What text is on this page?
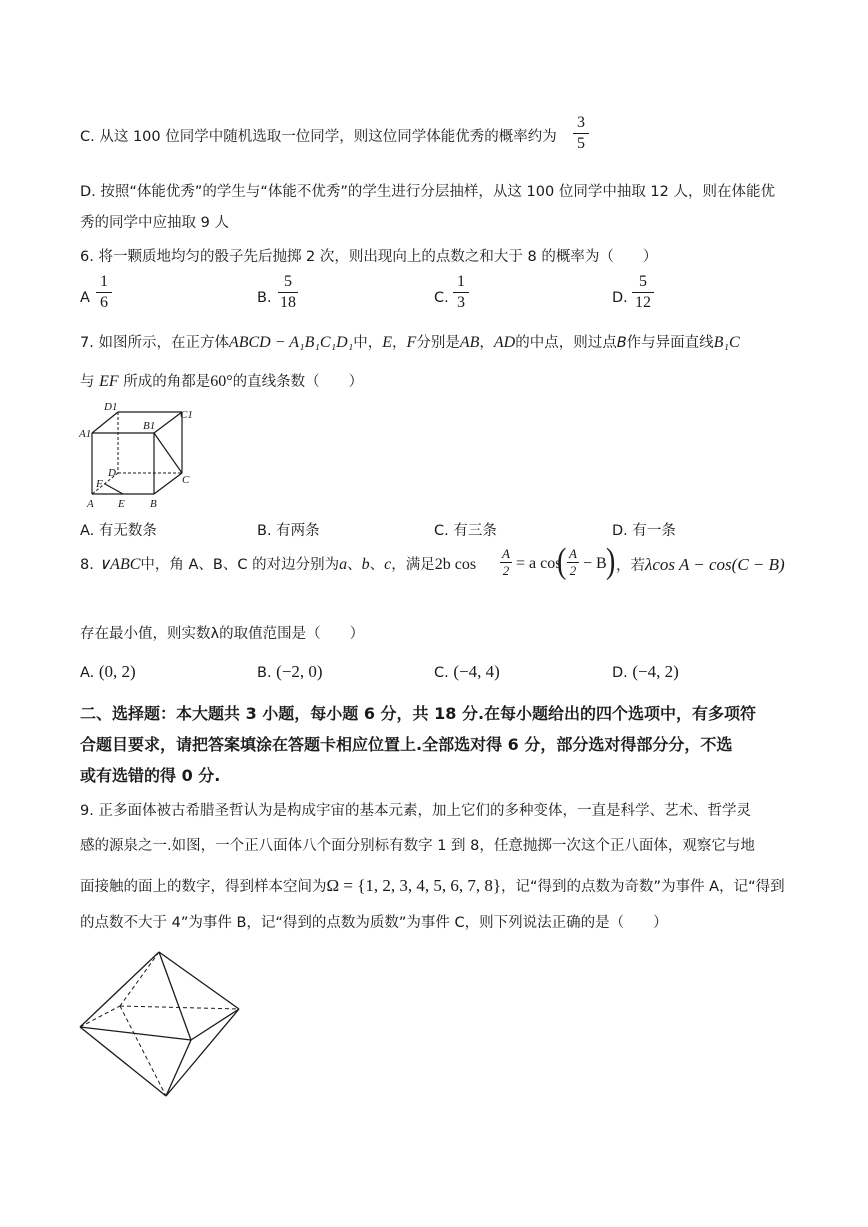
C. 从这 100 位同学中随机选取一位同学，则这位同学体能优秀的概率约为
3
5
D. 按照“体能优秀”的学生与“体能不优秀”的学生进行分层抽样，从这 100 位同学中抽取 12 人，则在体能优
秀的同学中应抽取 9 人
6. 将一颗质地均匀的骰子先后抛掷 2 次，则出现向上的点数之和大于 8 的概率为（　　）
A
1
6	B.
5
18	C.
1
3	D.
5
12
7. 如图所示，在正方体ABCD − A₁B₁C₁D₁中，E，F分别是AB，AD的中点，则过点B作与异面直线B₁C
与 EF 所成的角都是60°的直线条数（　　）
D1
C1
A1
B1
D
C
F
A E B
A. 有无数条	B. 有两条	C. 有三条	D. 有一条
8. ∨ABC中，角 A、B、C 的对边分别为a、b、c，满足2b cos
A
2 = a cos
( A
2 − B ) ，若λcos A − cos(C − B)
存在最小值，则实数λ的取值范围是（　　）
A. (0, 2)	B. (−2, 0)	C. (−4, 4)	D. (−4, 2)
二、选择题：本大题共 3 小题，每小题 6 分，共 18 分.在每小题给出的四个选项中，有多项符
合题目要求，请把答案填涂在答题卡相应位置上.全部选对得 6 分，部分选对得部分分，不选
或有选错的得 0 分.
9. 正多面体被古希腊圣哲认为是构成宇宙的基本元素，加上它们的多种变体，一直是科学、艺术、哲学灵
感的源泉之一.如图，一个正八面体八个面分别标有数字 1 到 8，任意抛掷一次这个正八面体，观察它与地
面接触的面上的数字，得到样本空间为Ω = {1, 2, 3, 4, 5, 6, 7, 8}，记“得到的点数为奇数”为事件 A，记“得到
的点数不大于 4”为事件 B，记“得到的点数为质数”为事件 C，则下列说法正确的是（　　）
